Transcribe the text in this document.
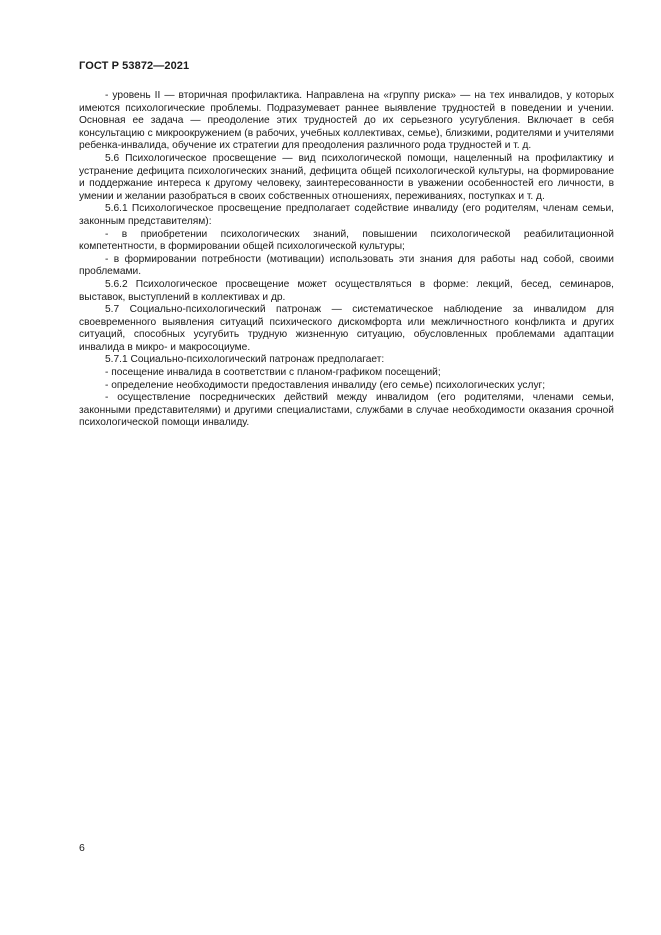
ГОСТ Р 53872—2021

- уровень II — вторичная профилактика. Направлена на «группу риска» — на тех инвалидов, у которых имеются психологические проблемы. Подразумевает раннее выявление трудностей в поведении и учении. Основная ее задача — преодоление этих трудностей до их серьезного усугубления. Включает в себя консультацию с микроокружением (в рабочих, учебных коллективах, семье), близкими, родителями и учителями ребенка-инвалида, обучение их стратегии для преодоления различного рода трудностей и т. д.

5.6 Психологическое просвещение — вид психологической помощи, нацеленный на профилактику и устранение дефицита психологических знаний, дефицита общей психологической культуры, на формирование и поддержание интереса к другому человеку, заинтересованности в уважении особенностей его личности, в умении и желании разобраться в своих собственных отношениях, переживаниях, поступках и т. д.

5.6.1 Психологическое просвещение предполагает содействие инвалиду (его родителям, членам семьи, законным представителям):

- в приобретении психологических знаний, повышении психологической реабилитационной компетентности, в формировании общей психологической культуры;

- в формировании потребности (мотивации) использовать эти знания для работы над собой, своими проблемами.

5.6.2 Психологическое просвещение может осуществляться в форме: лекций, бесед, семинаров, выставок, выступлений в коллективах и др.

5.7 Социально-психологический патронаж — систематическое наблюдение за инвалидом для своевременного выявления ситуаций психического дискомфорта или межличностного конфликта и других ситуаций, способных усугубить трудную жизненную ситуацию, обусловленных проблемами адаптации инвалида в микро- и макросоциуме.

5.7.1 Социально-психологический патронаж предполагает:

- посещение инвалида в соответствии с планом-графиком посещений;

- определение необходимости предоставления инвалиду (его семье) психологических услуг;

- осуществление посреднических действий между инвалидом (его родителями, членами семьи, законными представителями) и другими специалистами, службами в случае необходимости оказания срочной психологической помощи инвалиду.

6
